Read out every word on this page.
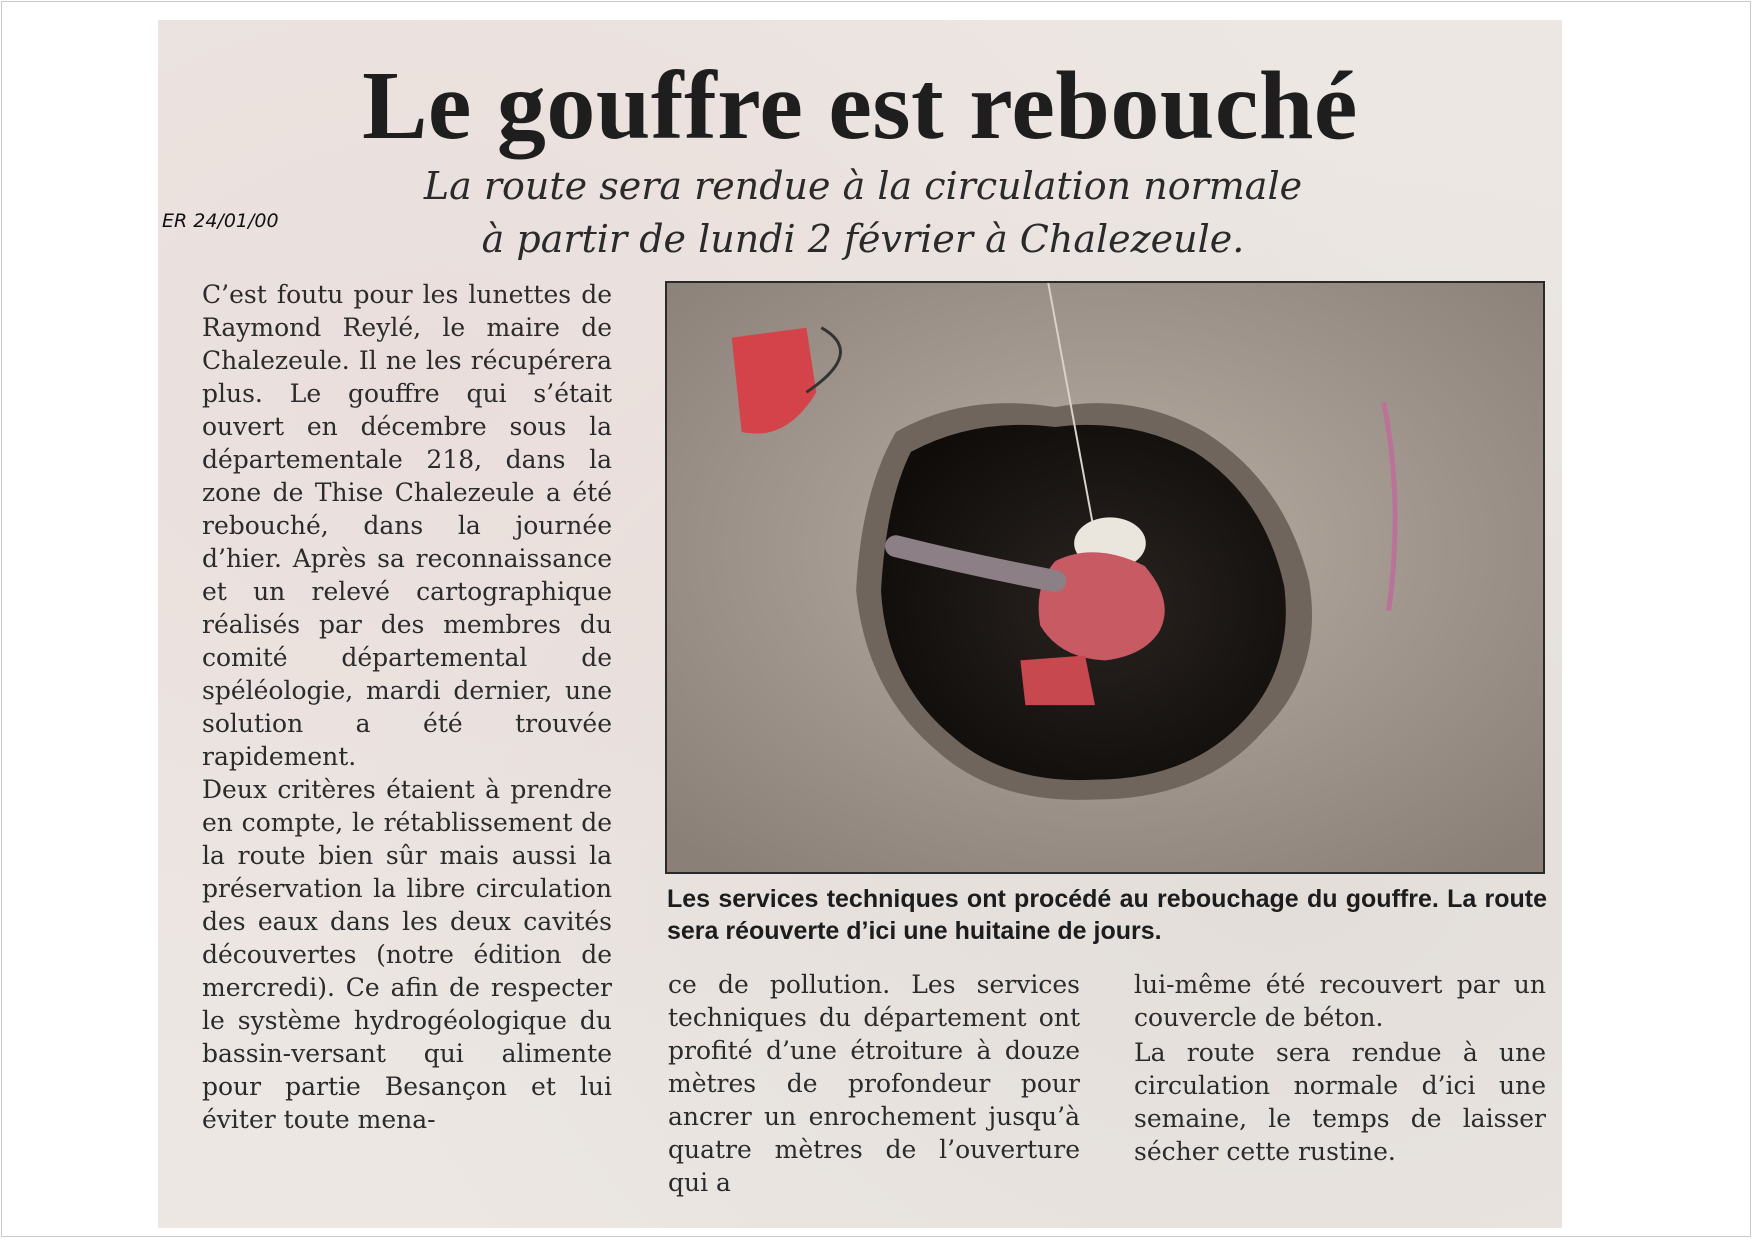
Le gouffre est rebouché
La route sera rendue à la circulation normale
à partir de lundi 2 février à Chalezeule.
ER 24/01/00

C’est foutu pour les lunettes de Raymond Reylé, le maire de Chalezeule. Il ne les récupérera plus. Le gouffre qui s’était ouvert en décembre sous la départementale 218, dans la zone de Thise Chalezeule a été rebouché, dans la journée d’hier. Après sa reconnaissance et un relevé cartographique réalisés par des membres du comité départemental de spéléologie, mardi dernier, une solution a été trouvée rapidement.

Deux critères étaient à prendre en compte, le rétablissement de la route bien sûr mais aussi la préservation la libre circulation des eaux dans les deux cavités découvertes (notre édition de mercredi). Ce afin de respecter le système hydrogéologique du bassin-versant qui alimente pour partie Besançon et lui éviter toute mena-

Les services techniques ont procédé au rebouchage du gouffre. La route sera réouverte d’ici une huitaine de jours.

ce de pollution. Les services techniques du département ont profité d’une étroiture à douze mètres de profondeur pour ancrer un enrochement jusqu’à quatre mètres de l’ouverture qui a

lui-même été recouvert par un couvercle de béton.

La route sera rendue à une circulation normale d’ici une semaine, le temps de laisser sécher cette rustine.
